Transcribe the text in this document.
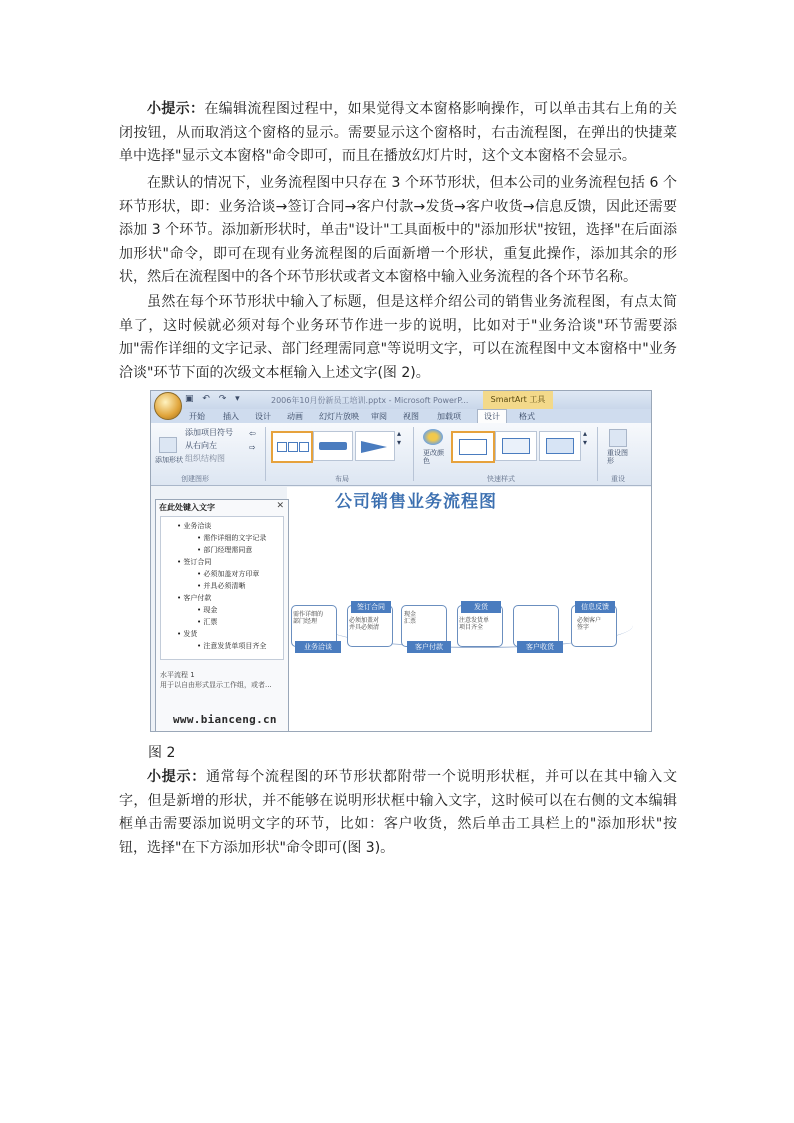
小提示：在编辑流程图过程中，如果觉得文本窗格影响操作，可以单击其右上角的关闭按钮，从而取消这个窗格的显示。需要显示这个窗格时，右击流程图，在弹出的快捷菜单中选择"显示文本窗格"命令即可，而且在播放幻灯片时，这个文本窗格不会显示。

在默认的情况下，业务流程图中只存在 3 个环节形状，但本公司的业务流程包括 6 个环节形状，即：业务洽谈→签订合同→客户付款→发货→客户收货→信息反馈，因此还需要添加 3 个环节。添加新形状时，单击"设计"工具面板中的"添加形状"按钮，选择"在后面添加形状"命令，即可在现有业务流程图的后面新增一个形状，重复此操作，添加其余的形状，然后在流程图中的各个环节形状或者文本窗格中输入业务流程的各个环节名称。

虽然在每个环节形状中输入了标题，但是这样介绍公司的销售业务流程图，有点太简单了，这时候就必须对每个业务环节作进一步的说明，比如对于"业务洽谈"环节需要添加"需作详细的文字记录、部门经理需同意"等说明文字，可以在流程图中文本窗格中"业务洽谈"环节下面的次级文本框输入上述文字(图 2)。

▣ ↶ ↷ ▾	2006年10月份新员工培训.pptx - Microsoft PowerP...	SmartArt 工具
开始	插入	设计	动画	幻灯片放映	审阅	视图	加载项	设计	格式
添加形状
添加项目符号
从右向左
组织结构图
⇦
⇨
创建图形
▴
▾
布局
更改颜色
▴
▾
快速样式
重设图形
重设
公司销售业务流程图
需作详细的
部门经理
业务洽谈
签订合同
必须加盖对
并具必须清
现金
汇票
客户付款
发货
注意发货单
项目齐全
客户收货
信息反馈
必须客户
签字
在此处键入文字	✕
• 业务洽谈
• 需作详细的文字记录
• 部门经理需同意
• 签订合同
• 必须加盖对方印章
• 并具必须清晰
• 客户付款
• 现金
• 汇票
• 发货
• 注意发货单项目齐全
水平流程 1
用于以自由形式显示工作组，或者...
www.bianceng.cn
图 2

小提示：通常每个流程图的环节形状都附带一个说明形状框，并可以在其中输入文字，但是新增的形状，并不能够在说明形状框中输入文字，这时候可以在右侧的文本编辑框单击需要添加说明文字的环节，比如：客户收货，然后单击工具栏上的"添加形状"按钮，选择"在下方添加形状"命令即可(图 3)。
